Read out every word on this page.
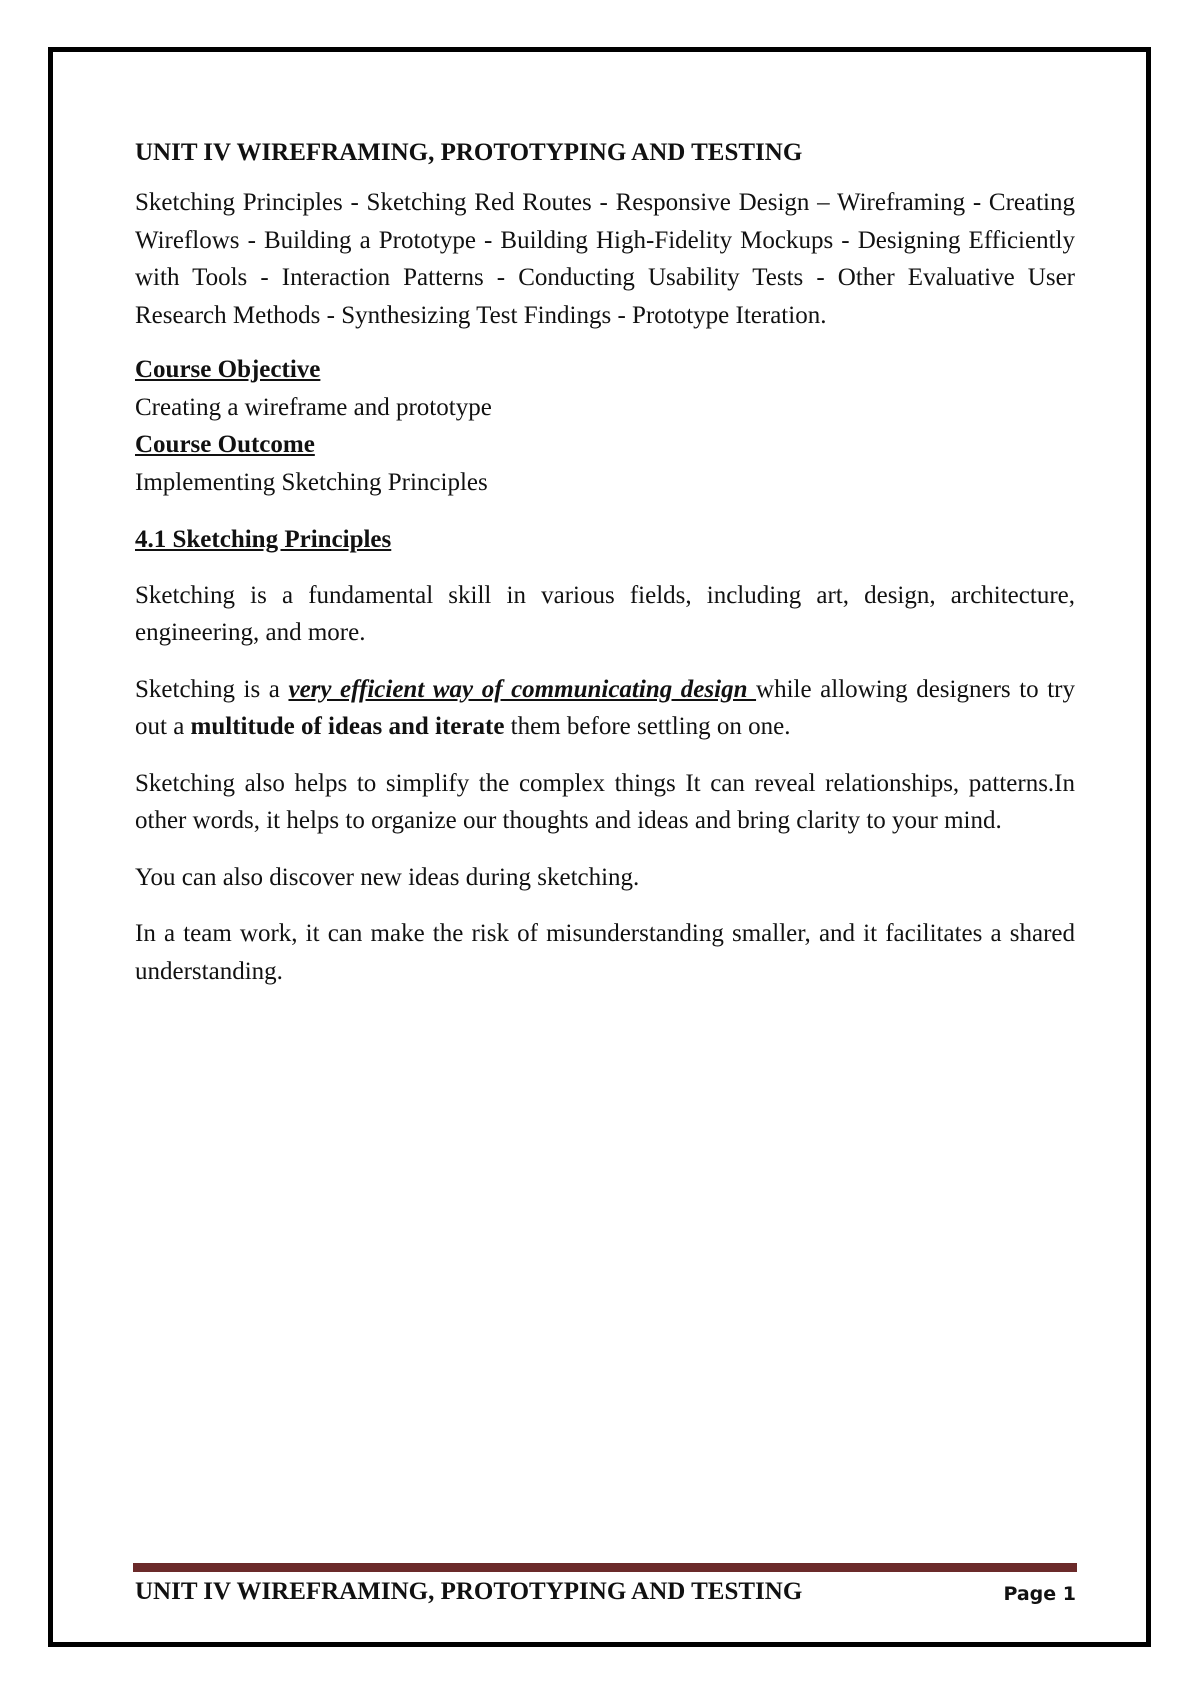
UNIT IV WIREFRAMING, PROTOTYPING AND TESTING

Sketching Principles - Sketching Red Routes - Responsive Design – Wireframing - Creating Wireflows - Building a Prototype - Building High-Fidelity Mockups - Designing Efficiently with Tools - Interaction Patterns - Conducting Usability Tests - Other Evaluative User Research Methods - Synthesizing Test Findings - Prototype Iteration.

Course Objective

Creating a wireframe and prototype

Course Outcome

Implementing Sketching Principles

4.1 Sketching Principles

Sketching is a fundamental skill in various fields, including art, design, architecture, engineering, and more.

Sketching is a very efficient way of communicating design while allowing designers to try out a multitude of ideas and iterate them before settling on one.

Sketching also helps to simplify the complex things It can reveal relationships, patterns.In other words, it helps to organize our thoughts and ideas and bring clarity to your mind.

You can also discover new ideas during sketching.

In a team work, it can make the risk of misunderstanding smaller, and it facilitates a shared understanding.

UNIT IV WIREFRAMING, PROTOTYPING AND TESTING	Page 1
